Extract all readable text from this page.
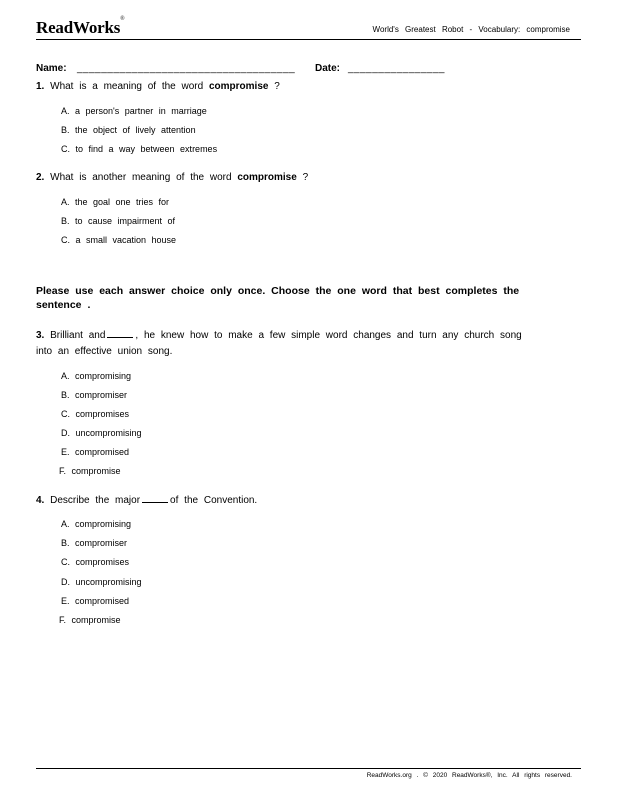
ReadWorks®
World's Greatest Robot - Vocabulary: compromise
Name: ____________________________________ Date: ________________
1. What is a meaning of the word compromise ?
A. a person's partner in marriage
B. the object of lively attention
C. to find a way between extremes
2. What is another meaning of the word compromise ?
A. the goal one tries for
B. to cause impairment of
C. a small vacation house
Please use each answer choice only once. Choose the one word that best completes the sentence .
3. Brilliant and	, he knew how to make a few simple word changes and turn any church song
into an effective union song.
A. compromising
B. compromiser
C. compromises
D. uncompromising
E. compromised
F. compromise
4. Describe the major	of the Convention.
A. compromising
B. compromiser
C. compromises
D. uncompromising
E. compromised
F. compromise
ReadWorks.org . © 2020 ReadWorks®, Inc. All rights reserved.
